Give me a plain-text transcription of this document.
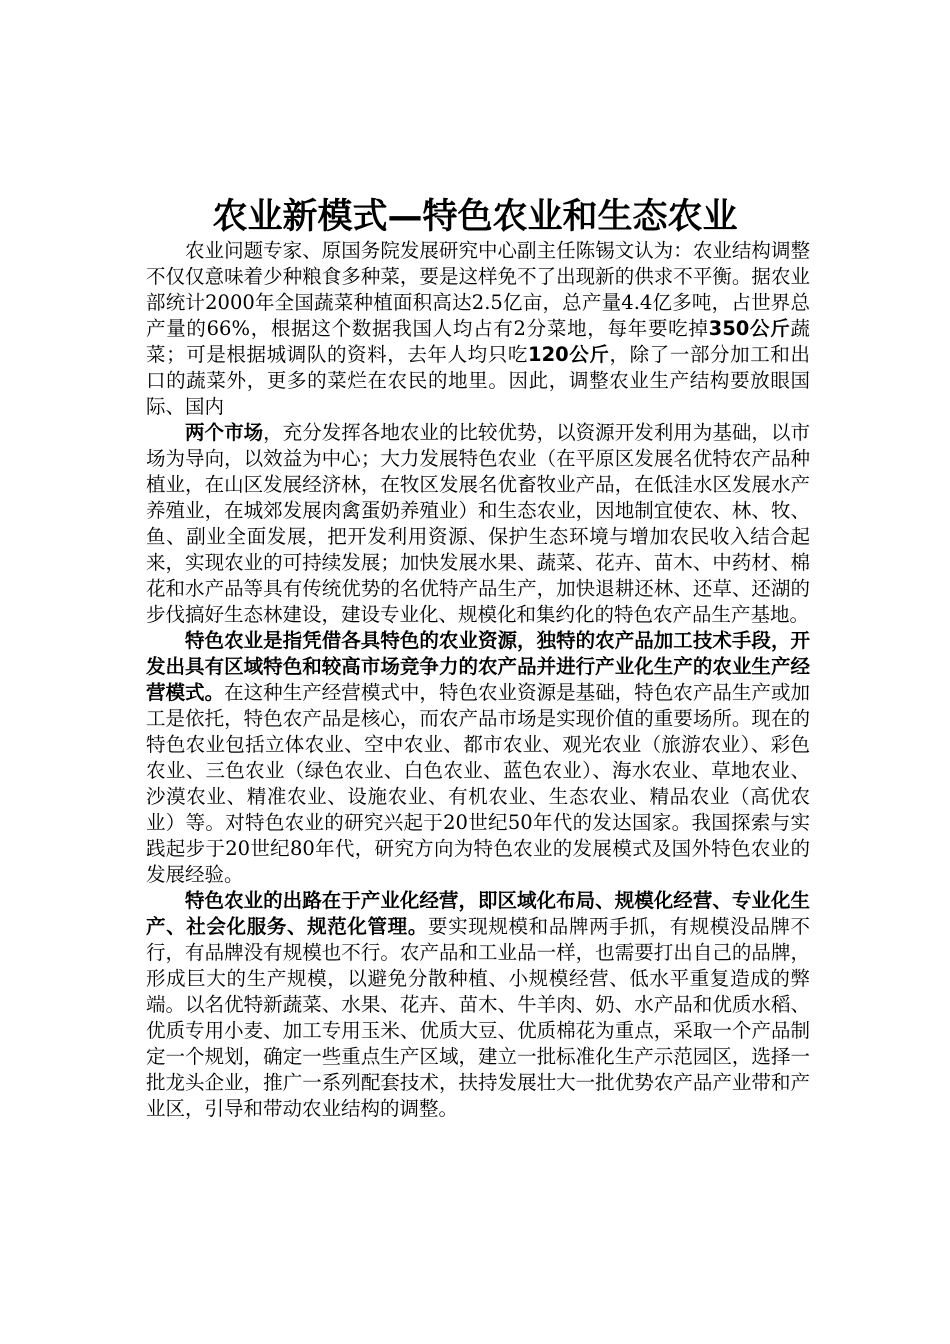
农业新模式—特色农业和生态农业

农业问题专家、原国务院发展研究中心副主任陈锡文认为：农业结构调整不仅仅意味着少种粮食多种菜，要是这样免不了出现新的供求不平衡。据农业部统计2000年全国蔬菜种植面积高达2.5亿亩，总产量4.4亿多吨，占世界总产量的66%，根据这个数据我国人均占有2分菜地，每年要吃掉350公斤蔬菜；可是根据城调队的资料，去年人均只吃120公斤，除了一部分加工和出口的蔬菜外，更多的菜烂在农民的地里。因此，调整农业生产结构要放眼国际、国内

两个市场，充分发挥各地农业的比较优势，以资源开发利用为基础，以市场为导向，以效益为中心；大力发展特色农业（在平原区发展名优特农产品种植业，在山区发展经济林，在牧区发展名优畜牧业产品，在低洼水区发展水产养殖业，在城郊发展肉禽蛋奶养殖业）和生态农业，因地制宜使农、林、牧、鱼、副业全面发展，把开发利用资源、保护生态环境与增加农民收入结合起来，实现农业的可持续发展；加快发展水果、蔬菜、花卉、苗木、中药材、棉花和水产品等具有传统优势的名优特产品生产，加快退耕还林、还草、还湖的步伐搞好生态林建设，建设专业化、规模化和集约化的特色农产品生产基地。

特色农业是指凭借各具特色的农业资源，独特的农产品加工技术手段，开发出具有区域特色和较高市场竞争力的农产品并进行产业化生产的农业生产经营模式。在这种生产经营模式中，特色农业资源是基础，特色农产品生产或加工是依托，特色农产品是核心，而农产品市场是实现价值的重要场所。现在的特色农业包括立体农业、空中农业、都市农业、观光农业（旅游农业）、彩色农业、三色农业（绿色农业、白色农业、蓝色农业）、海水农业、草地农业、沙漠农业、精准农业、设施农业、有机农业、生态农业、精品农业（高优农业）等。对特色农业的研究兴起于20世纪50年代的发达国家。我国探索与实践起步于20世纪80年代，研究方向为特色农业的发展模式及国外特色农业的发展经验。

特色农业的出路在于产业化经营，即区域化布局、规模化经营、专业化生产、社会化服务、规范化管理。要实现规模和品牌两手抓，有规模没品牌不行，有品牌没有规模也不行。农产品和工业品一样，也需要打出自己的品牌，形成巨大的生产规模，以避免分散种植、小规模经营、低水平重复造成的弊端。以名优特新蔬菜、水果、花卉、苗木、牛羊肉、奶、水产品和优质水稻、优质专用小麦、加工专用玉米、优质大豆、优质棉花为重点，采取一个产品制定一个规划，确定一些重点生产区域，建立一批标准化生产示范园区，选择一批龙头企业，推广一系列配套技术，扶持发展壮大一批优势农产品产业带和产业区，引导和带动农业结构的调整。
